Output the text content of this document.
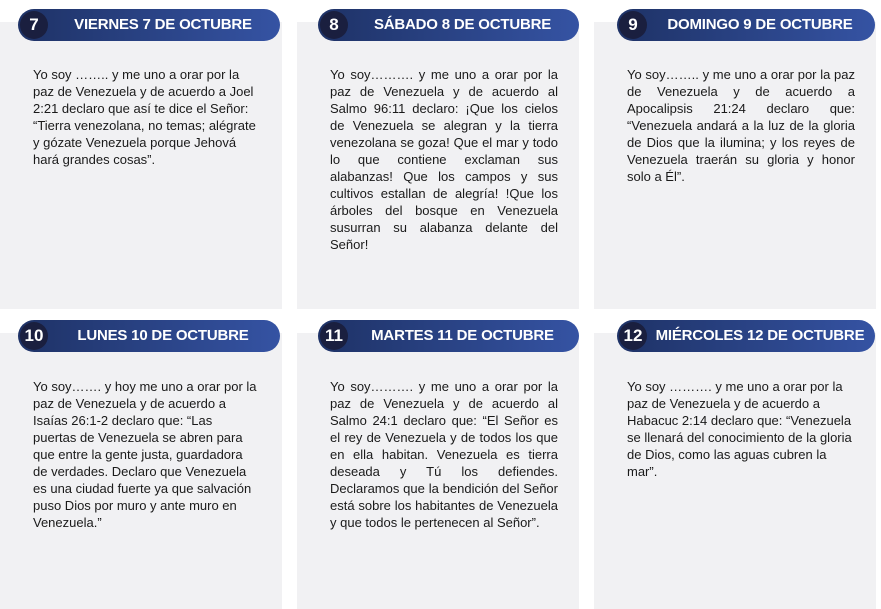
7	VIERNES 7 DE OCTUBRE	8	SÁBADO 8 DE OCTUBRE	9	DOMINGO 9 DE OCTUBRE
10	LUNES 10 DE OCTUBRE	11	MARTES 11 DE OCTUBRE	12 MIÉRCOLES 12 DE OCTUBRE

Yo soy …….. y me uno a orar por la paz de Venezuela y de acuerdo a Joel 2:21 declaro que así te dice el Señor: “Tierra venezolana, no temas; alégrate y gózate Venezuela porque Jehová hará grandes cosas”.

Yo soy………. y me uno a orar por la paz de Venezuela y de acuerdo al Salmo 96:11 declaro: ¡Que los cielos de Venezuela se alegran y la tierra venezolana se goza! Que el mar y todo lo que contiene exclaman sus alabanzas! Que los campos y sus cultivos estallan de alegría! !Que los árboles del bosque en Venezuela susurran su alabanza delante del Señor!

Yo soy…….. y me uno a orar por la paz de Venezuela y de acuerdo a Apocalipsis 21:24 declaro que: “Venezuela andará a la luz de la gloria de Dios que la ilumina; y los reyes de Venezuela traerán su gloria y honor solo a Él”.

Yo soy……. y hoy me uno a orar por la paz de Venezuela y de acuerdo a Isaías 26:1-2 declaro que: “Las puertas de Venezuela se abren para que entre la gente justa, guardadora de verdades. Declaro que Venezuela es una ciudad fuerte ya que salvación puso Dios por muro y ante muro en Venezuela.”

Yo soy………. y me uno a orar por la paz de Venezuela y de acuerdo al Salmo 24:1 declaro que: “El Señor es el rey de Venezuela y de todos los que en ella habitan. Venezuela es tierra deseada y Tú los defiendes. Declaramos que la bendición del Señor está sobre los habitantes de Venezuela y que todos le pertenecen al Señor”.

Yo soy ………. y me uno a orar por la paz de Venezuela y de acuerdo a Habacuc 2:14 declaro que: “Venezuela se llenará del conocimiento de la gloria de Dios, como las aguas cubren la mar”.
